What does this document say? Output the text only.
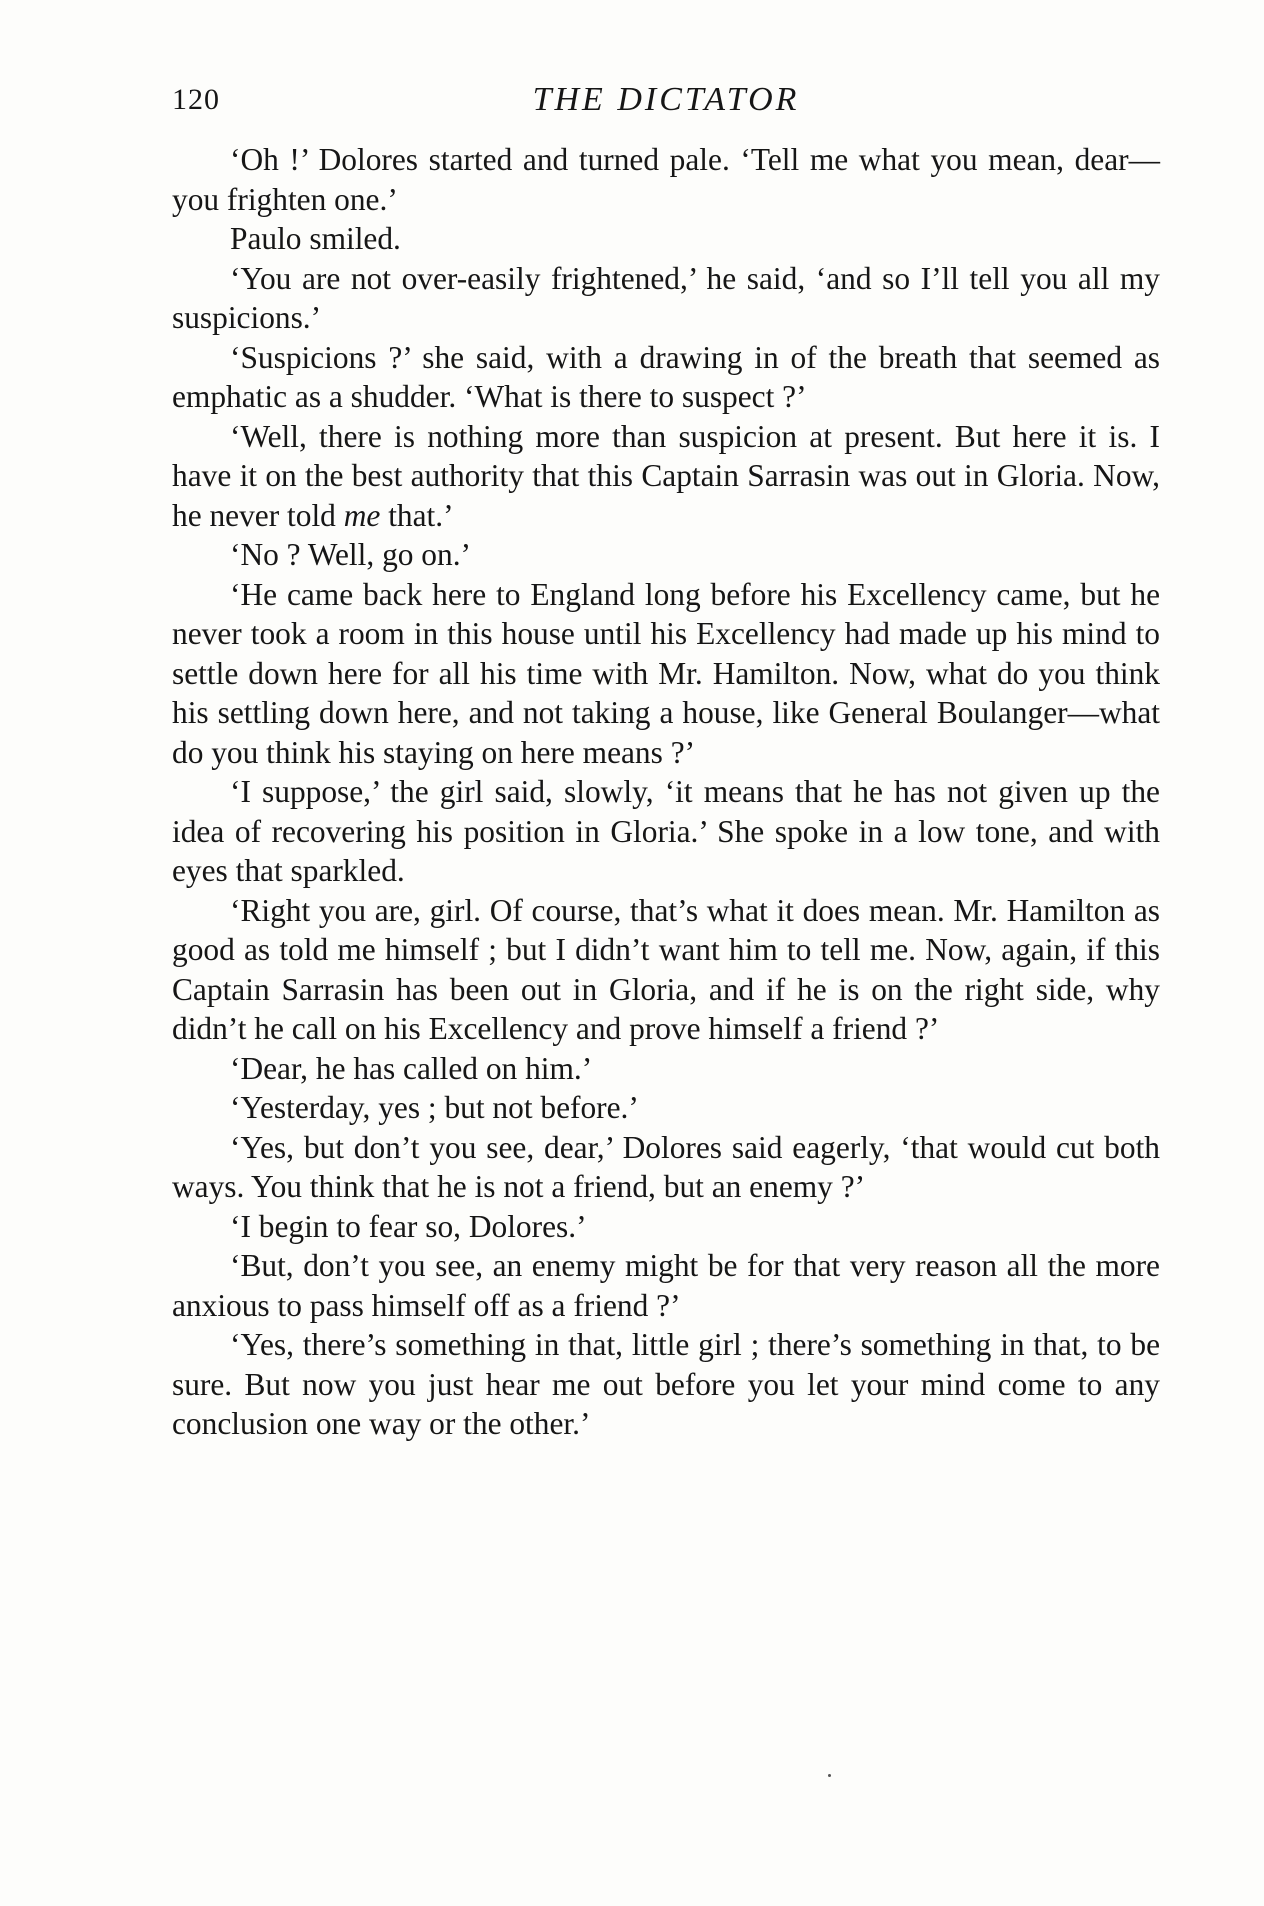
120	THE DICTATOR

‘Oh !’ Dolores started and turned pale. ‘Tell me what you mean, dear—you frighten one.’

Paulo smiled.

‘You are not over-easily frightened,’ he said, ‘and so I’ll tell you all my suspicions.’

‘Suspicions ?’ she said, with a drawing in of the breath that seemed as emphatic as a shudder. ‘What is there to suspect ?’

‘Well, there is nothing more than suspicion at present. But here it is. I have it on the best authority that this Captain Sarrasin was out in Gloria. Now, he never told me that.’

‘No ? Well, go on.’

‘He came back here to England long before his Excellency came, but he never took a room in this house until his Excellency had made up his mind to settle down here for all his time with Mr. Hamilton. Now, what do you think his settling down here, and not taking a house, like General Boulanger—what do you think his staying on here means ?’

‘I suppose,’ the girl said, slowly, ‘it means that he has not given up the idea of recovering his position in Gloria.’ She spoke in a low tone, and with eyes that sparkled.

‘Right you are, girl. Of course, that’s what it does mean. Mr. Hamilton as good as told me himself ; but I didn’t want him to tell me. Now, again, if this Captain Sarrasin has been out in Gloria, and if he is on the right side, why didn’t he call on his Excellency and prove himself a friend ?’

‘Dear, he has called on him.’

‘Yesterday, yes ; but not before.’

‘Yes, but don’t you see, dear,’ Dolores said eagerly, ‘that would cut both ways. You think that he is not a friend, but an enemy ?’

‘I begin to fear so, Dolores.’

‘But, don’t you see, an enemy might be for that very reason all the more anxious to pass himself off as a friend ?’

‘Yes, there’s something in that, little girl ; there’s something in that, to be sure. But now you just hear me out before you let your mind come to any conclusion one way or the other.’
